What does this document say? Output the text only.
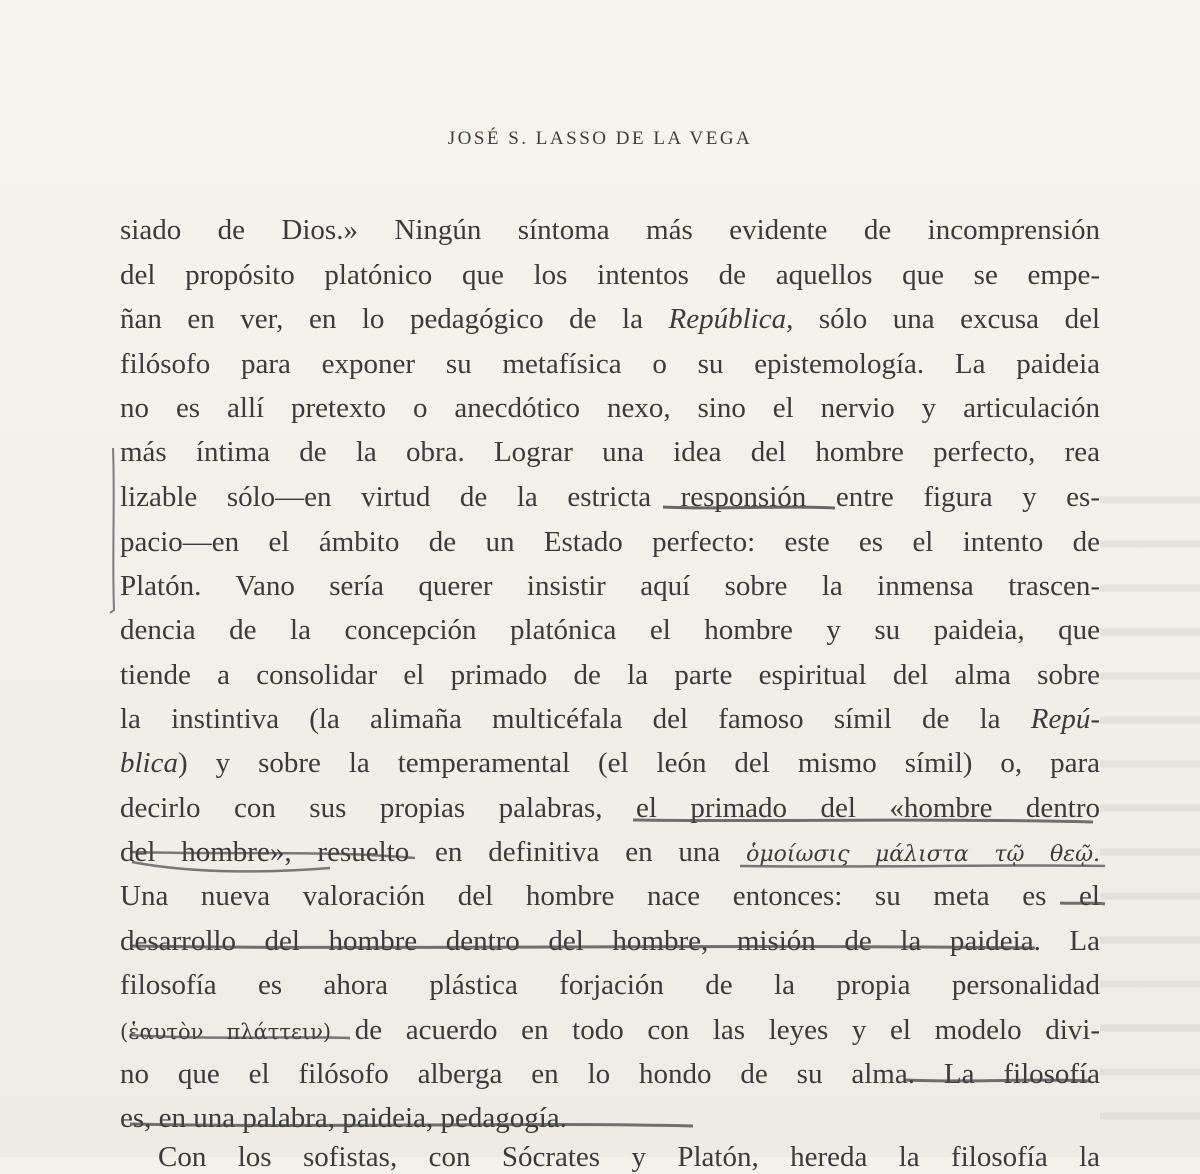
JOSÉ S. LASSO DE LA VEGA
siado de Dios.» Ningún síntoma más evidente de incomprensión
del propósito platónico que los intentos de aquellos que se empe-
ñan en ver, en lo pedagógico de la República, sólo una excusa del
filósofo para exponer su metafísica o su epistemología. La paideia
no es allí pretexto o anecdótico nexo, sino el nervio y articulación
más íntima de la obra. Lograr una idea del hombre perfecto, rea
lizable sólo—en virtud de la estricta responsión entre figura y es-
pacio—en el ámbito de un Estado perfecto: este es el intento de
Platón. Vano sería querer insistir aquí sobre la inmensa trascen-
dencia de la concepción platónica el hombre y su paideia, que
tiende a consolidar el primado de la parte espiritual del alma sobre
la instintiva (la alimaña multicéfala del famoso símil de la Repú-
blica) y sobre la temperamental (el león del mismo símil) o, para
decirlo con sus propias palabras, el primado del «hombre dentro
del hombre», resuelto en definitiva en una ὁμοίωσις μάλιστα τῷ θεῷ.
Una nueva valoración del hombre nace entonces: su meta es el
desarrollo del hombre dentro del hombre, misión de la paideia. La
filosofía es ahora plástica forjación de la propia personalidad
(ἑαυτὸν πλάττειν) de acuerdo en todo con las leyes y el modelo divi-
no que el filósofo alberga en lo hondo de su alma. La filosofía
es, en una palabra, paideia, pedagogía.
Con los sofistas, con Sócrates y Platón, hereda la filosofía la
